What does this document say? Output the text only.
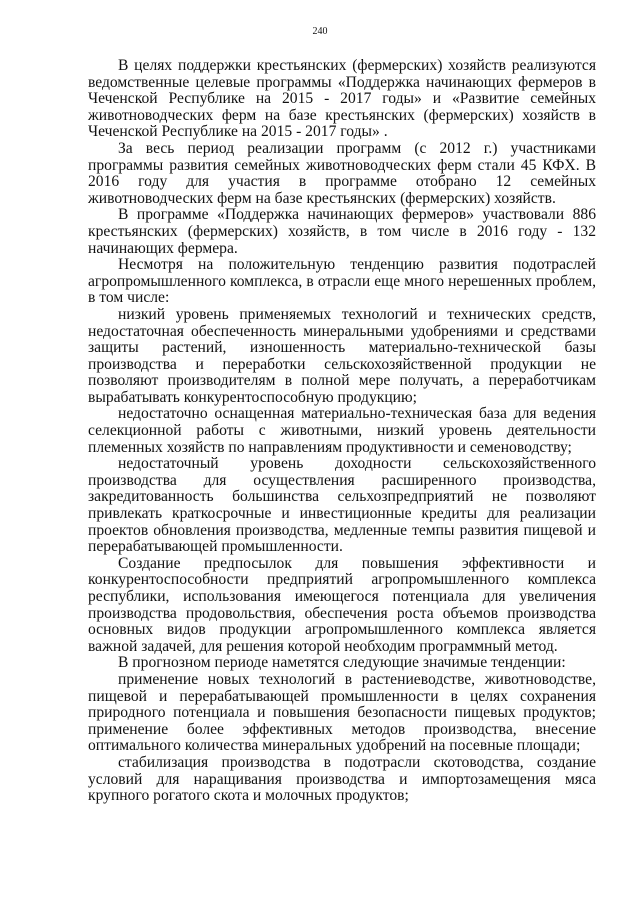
240

В целях поддержки крестьянских (фермерских) хозяйств реализуются ведомственные целевые программы «Поддержка начинающих фермеров в Чеченской Республике на 2015 - 2017 годы» и «Развитие семейных животноводческих ферм на базе крестьянских (фермерских) хозяйств в Чеченской Республике на 2015 - 2017 годы» .

За весь период реализации программ (с 2012 г.) участниками программы развития семейных животноводческих ферм стали 45 КФХ. В 2016 году для участия в программе отобрано 12 семейных животноводческих ферм на базе крестьянских (фермерских) хозяйств.

В программе «Поддержка начинающих фермеров» участвовали 886 крестьянских (фермерских) хозяйств, в том числе в 2016 году - 132 начинающих фермера.

Несмотря на положительную тенденцию развития подотраслей агропромышленного комплекса, в отрасли еще много нерешенных проблем, в том числе:

низкий уровень применяемых технологий и технических средств, недостаточная обеспеченность минеральными удобрениями и средствами защиты растений, изношенность материально-технической базы производства и переработки сельскохозяйственной продукции не позволяют производителям в полной мере получать, а переработчикам вырабатывать конкурентоспособную продукцию;

недостаточно оснащенная материально-техническая база для ведения селекционной работы с животными, низкий уровень деятельности племенных хозяйств по направлениям продуктивности и семеноводству;

недостаточный уровень доходности сельскохозяйственного производства для осуществления расширенного производства, закредитованность большинства сельхозпредприятий не позволяют привлекать краткосрочные и инвестиционные кредиты для реализации проектов обновления производства, медленные темпы развития пищевой и перерабатывающей промышленности.

Создание предпосылок для повышения эффективности и конкурентоспособности предприятий агропромышленного комплекса республики, использования имеющегося потенциала для увеличения производства продовольствия, обеспечения роста объемов производства основных видов продукции агропромышленного комплекса является важной задачей, для решения которой необходим программный метод.

В прогнозном периоде наметятся следующие значимые тенденции:

применение новых технологий в растениеводстве, животноводстве, пищевой и перерабатывающей промышленности в целях сохранения природного потенциала и повышения безопасности пищевых продуктов; применение более эффективных методов производства, внесение оптимального количества минеральных удобрений на посевные площади;

стабилизация производства в подотрасли скотоводства, создание условий для наращивания производства и импортозамещения мяса крупного рогатого скота и молочных продуктов;
